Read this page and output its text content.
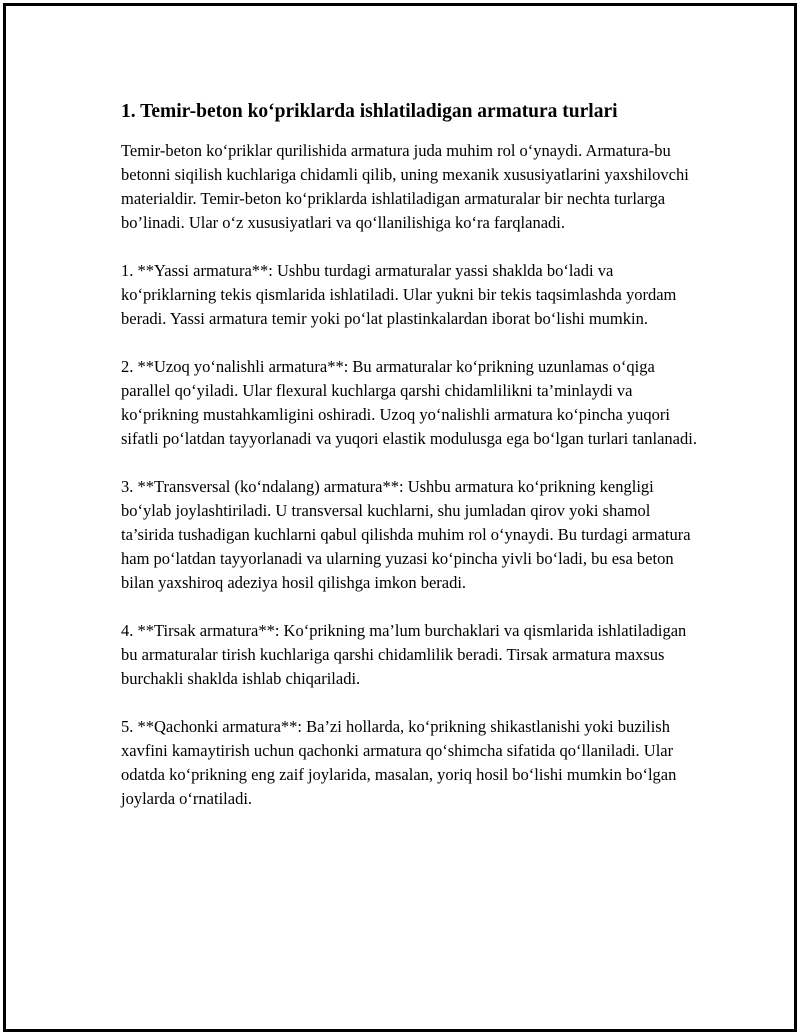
1. Temir-beton ko‘priklarda ishlatiladigan armatura turlari

Temir-beton ko‘priklar qurilishida armatura juda muhim rol o‘ynaydi. Armatura-bu betonni siqilish kuchlariga chidamli qilib, uning mexanik xususiyatlarini yaxshilovchi materialdir. Temir-beton ko‘priklarda ishlatiladigan armaturalar bir nechta turlarga bo’linadi. Ular o‘z xususiyatlari va qo‘llanilishiga ko‘ra farqlanadi.

1. **Yassi armatura**: Ushbu turdagi armaturalar yassi shaklda bo‘ladi va ko‘priklarning tekis qismlarida ishlatiladi. Ular yukni bir tekis taqsimlashda yordam beradi. Yassi armatura temir yoki po‘lat plastinkalardan iborat bo‘lishi mumkin.

2. **Uzoq yo‘nalishli armatura**: Bu armaturalar ko‘prikning uzunlamas o‘qiga parallel qo‘yiladi. Ular flexural kuchlarga qarshi chidamlilikni ta’minlaydi va ko‘prikning mustahkamligini oshiradi. Uzoq yo‘nalishli armatura ko‘pincha yuqori sifatli po‘latdan tayyorlanadi va yuqori elastik modulusga ega bo‘lgan turlari tanlanadi.

3. **Transversal (ko‘ndalang) armatura**: Ushbu armatura ko‘prikning kengligi bo‘ylab joylashtiriladi. U transversal kuchlarni, shu jumladan qirov yoki shamol ta’sirida tushadigan kuchlarni qabul qilishda muhim rol o‘ynaydi. Bu turdagi armatura ham po‘latdan tayyorlanadi va ularning yuzasi ko‘pincha yivli bo‘ladi, bu esa beton bilan yaxshiroq adeziya hosil qilishga imkon beradi.

4. **Tirsak armatura**: Ko‘prikning ma’lum burchaklari va qismlarida ishlatiladigan bu armaturalar tirish kuchlariga qarshi chidamlilik beradi. Tirsak armatura maxsus burchakli shaklda ishlab chiqariladi.

5. **Qachonki armatura**: Ba’zi hollarda, ko‘prikning shikastlanishi yoki buzilish xavfini kamaytirish uchun qachonki armatura qo‘shimcha sifatida qo‘llaniladi. Ular odatda ko‘prikning eng zaif joylarida, masalan, yoriq hosil bo‘lishi mumkin bo‘lgan joylarda o‘rnatiladi.
